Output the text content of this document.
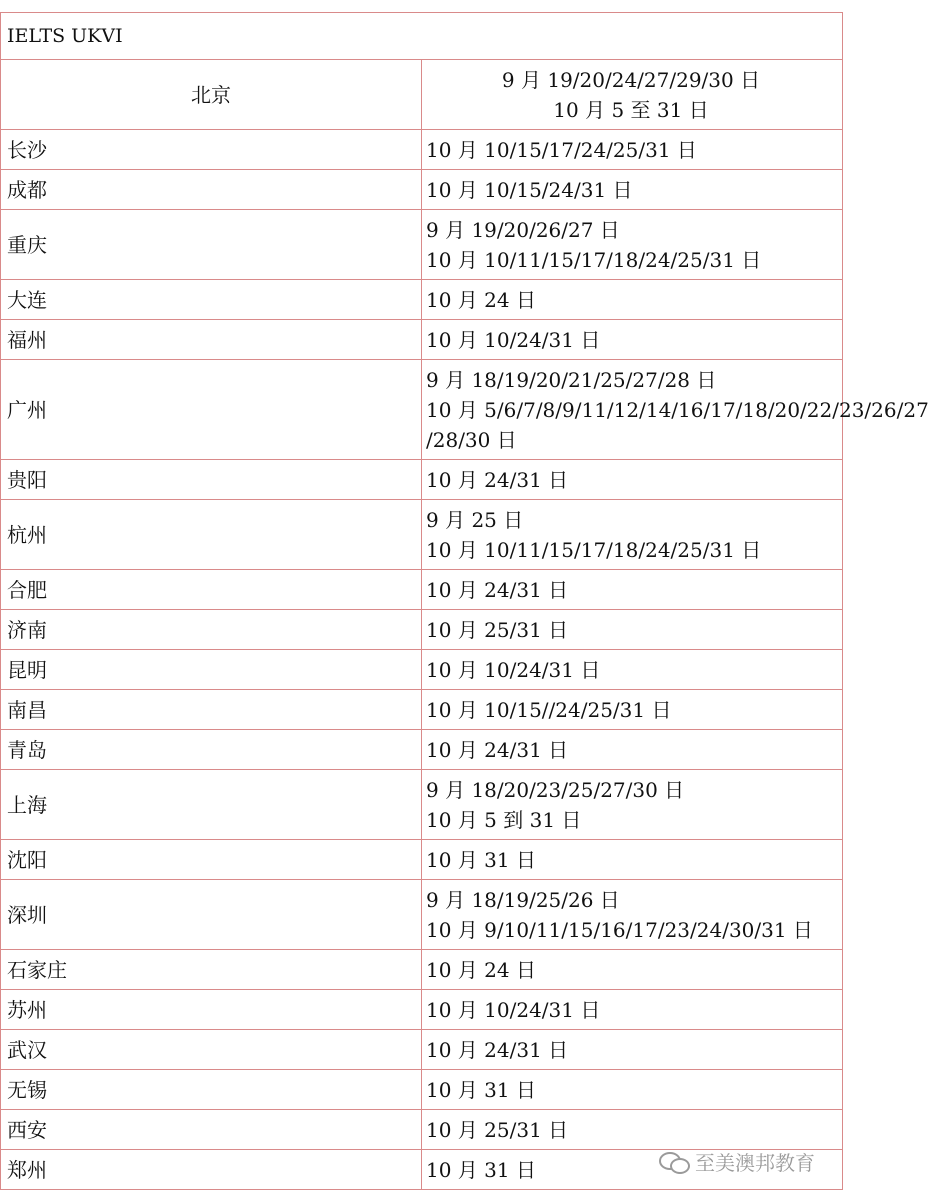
IELTS UKVI	
北京	9 月 19/20/24/27/29/30 日
10 月 5 至 31 日

长沙	10 月 10/15/17/24/25/31 日

成都	10 月 10/15/24/31 日

重庆	9 月 19/20/26/27 日
10 月 10/11/15/17/18/24/25/31 日

大连	10 月 24 日

福州	10 月 10/24/31 日

广州	9 月 18/19/20/21/25/27/28 日
10 月 5/6/7/8/9/11/12/14/16/17/18/20/22/23/26/27
/28/30 日

贵阳	10 月 24/31 日

杭州	9 月 25 日
10 月 10/11/15/17/18/24/25/31 日

合肥	10 月 24/31 日

济南	10 月 25/31 日

昆明	10 月 10/24/31 日

南昌	10 月 10/15//24/25/31 日

青岛	10 月 24/31 日

上海	9 月 18/20/23/25/27/30 日
10 月 5 到 31 日

沈阳	10 月 31 日

深圳	9 月 18/19/25/26 日
10 月 9/10/11/15/16/17/23/24/30/31 日

石家庄	10 月 24 日

苏州	10 月 10/24/31 日

武汉	10 月 24/31 日

无锡	10 月 31 日

西安	10 月 25/31 日

郑州	10 月 31 日	至美澳邦教育
